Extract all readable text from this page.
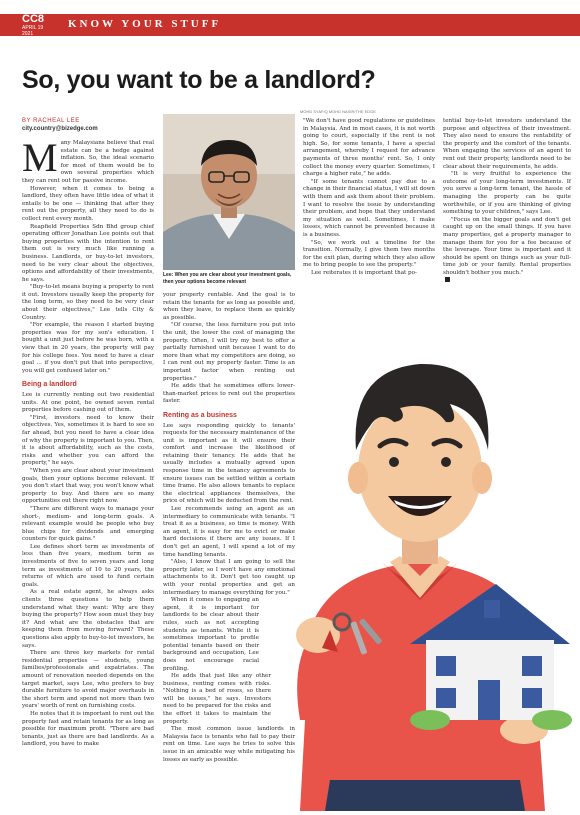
CC8
APRIL 19
2021
KNOW YOUR STUFF
So, you want to be a landlord?
MOHD SYAFIQ MOHD NASIR/THE EDGE
BY RACHEAL LEE
city.country@bizedge.com
M any Malaysians believe that real estate can be a hedge against inflation. So, the ideal scenario for most of them would be to own several properties which they can rent out for passive income.

However, when it comes to being a landlord, they often have little idea of what it entails to be one — thinking that after they rent out the property, all they need to do is collect rent every month.

Reapfield Properties Sdn Bhd group chief operating officer Jonathan Lee points out that buying properties with the intention to rent them out is very much like running a business. Landlords, or buy-to-let investors, need to be very clear about the objectives, options and affordability of their investments, he says.

"Buy-to-let means buying a property to rent it out. Investors usually keep the property for the long term, so they need to be very clear about their objectives," Lee tells City & Country.

"For example, the reason I started buying properties was for my son's education. I bought a unit just before he was born, with a view that in 20 years, the property will pay for his college fees. You need to have a clear goal ... if you don't put that into perspective, you will get confused later on."

Being a landlord

Lee is currently renting out two residential units. At one point, he owned seven rental properties before cashing out of them.

"First, investors need to know their objectives. Yes, sometimes it is hard to see so far ahead, but you need to have a clear idea of why the property is important to you. Then, it is about affordability, such as the costs, risks and whether you can afford the property," he says.

"When you are clear about your investment goals, then your options become relevant. If you don't start that way, you won't know what property to buy. And there are so many opportunities out there right now.

"There are different ways to manage your short-, medium- and long-term goals. A relevant example would be people who buy blue chips for dividends and emerging counters for quick gains."

Lee defines short term as investments of less than five years, medium term as investments of five to seven years and long term as investments of 10 to 20 years, the returns of which are used to fund certain goals.

As a real estate agent, he always asks clients three questions to help them understand what they want: Why are they buying the property? How soon must they buy it? And what are the obstacles that are keeping them from moving forward? These questions also apply to buy-to-let investors, he says.

There are three key markets for rental residential properties — students, young families/professionals and expatriates. The amount of renovation needed depends on the target market, says Lee, who prefers to buy durable furniture to avoid major overhauls in the short term and spend not more than two years' worth of rent on furnishing costs.

He notes that it is important to rent out the property fast and retain tenants for as long as possible for maximum profit. "There are bad tenants, just as there are bad landlords. As a landlord, you have to make

Lee: When you are clear about your investment goals, then your options become relevant

your property rentable. And the goal is to retain the tenants for as long as possible and, when they leave, to replace them as quickly as possible.

"Of course, the less furniture you put into the unit, the lower the cost of managing the property. Often, I will try my best to offer a partially furnished unit because I want to do more than what my competitors are doing, so I can rent out my property faster. Time is an important factor when renting out properties."

He adds that he sometimes offers lower-than-market prices to rent out the properties faster.

Renting as a business

Lee says responding quickly to tenants' requests for the necessary maintenance of the unit is important as it will ensure their comfort and increase the likelihood of retaining their tenancy. He adds that he usually includes a mutually agreed upon response time in the tenancy agreements to ensure issues can be settled within a certain time frame. He also allows tenants to replace the electrical appliances themselves, the price of which will be deducted from the rent.

Lee recommends using an agent as an intermediary to communicate with tenants. "I treat it as a business, so time is money. With an agent, it is easy for me to evict or make hard decisions if there are any issues. If I don't get an agent, I will spend a lot of my time handling tenants.

"Also, I know that I am going to sell the property later, so I won't have any emotional attachments to it. Don't get too caught up with your rental properties and get an intermediary to manage everything for you."

When it comes to engaging an agent, it is important for landlords to be clear about their rules, such as not accepting students as tenants. While it is sometimes important to profile potential tenants based on their background and occupation, Lee does not encourage racial profiling.

He adds that just like any other business, renting comes with risks. "Nothing is a bed of roses, so there will be issues," he says. Investors need to be prepared for the risks and the effort it takes to maintain the property.

The most common issue landlords in Malaysia face is tenants who fail to pay their rent on time. Lee says he tries to solve this issue in an amicable way while mitigating his losses as early as possible.

"We don't have good regulations or guidelines in Malaysia. And in most cases, it is not worth going to court, especially if the rent is not high. So, for some tenants, I have a special arrangement, whereby I request for advance payments of three months' rent. So, I only collect the money every quarter. Sometimes, I charge a higher rate," he adds.

"If some tenants cannot pay due to a change in their financial status, I will sit down with them and ask them about their problem. I want to resolve the issue by understanding their problem, and hope that they understand my situation as well. Sometimes, I make losses, which cannot be prevented because it is a business.

"So, we work out a timeline for the transition. Normally, I give them two months for the exit plan, during which they also allow me to bring people to see the property."

Lee reiterates it is important that po-

tential buy-to-let investors understand the purpose and objectives of their investment. They also need to ensure the rentability of the property and the comfort of the tenants. When engaging the services of an agent to rent out their property, landlords need to be clear about their requirements, he adds.

"It is very fruitful to experience the outcome of your long-term investments. If you serve a long-term tenant, the hassle of managing the property can be quite worthwhile, or if you are thinking of giving something to your children," says Lee.

"Focus on the bigger goals and don't get caught up on the small things. If you have many properties, get a property manager to manage them for you for a fee because of the leverage. Your time is important and it should be spent on things such as your full-time job or your family. Rental properties shouldn't bother you much."
